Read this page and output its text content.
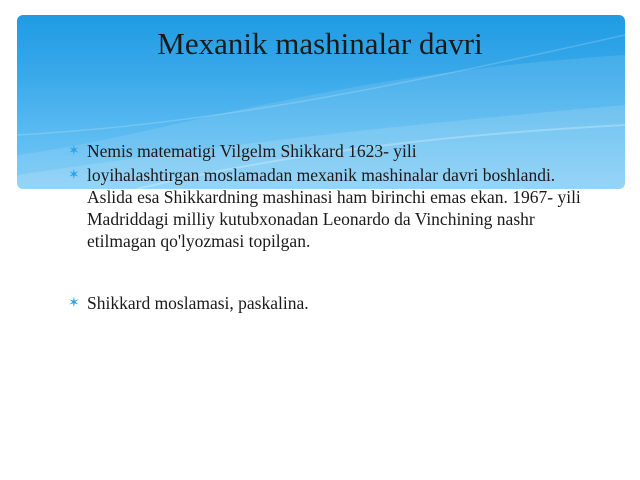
Mexanik mashinalar davri
✶ Nemis matematigi Vilgelm Shikkard 1623- yili
✶ loyihalashtirgan moslamadan mexanik mashinalar davri boshlandi. Aslida esa Shikkardning mashinasi ham birinchi emas ekan. 1967- yili Madriddagi milliy kutubxonadan Leonardo da Vinchining nashr etilmagan qo'lyozmasi topilgan.
✶ Shikkard moslamasi, paskalina.
